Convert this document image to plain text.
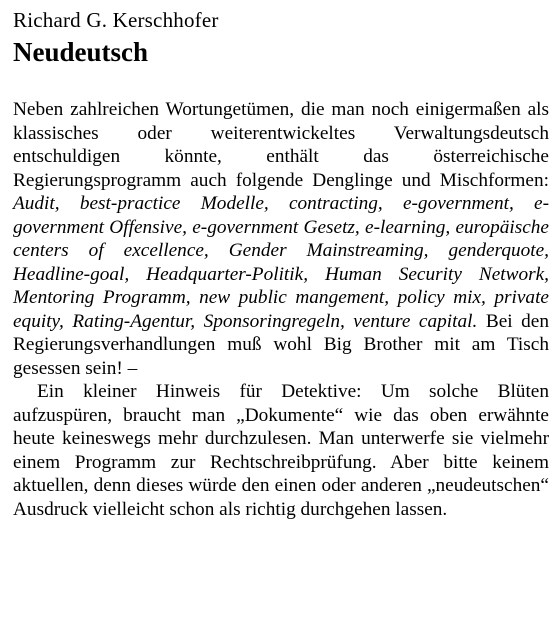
Richard G. Kerschhofer
Neudeutsch

Neben zahlreichen Wortungetümen, die man noch einigermaßen als klassisches oder weiterentwickeltes Verwaltungsdeutsch entschuldigen könnte, enthält das österreichische Regierungsprogramm auch folgende Denglinge und Mischformen: Audit, best-practice Modelle, contracting, e-government, e-government Offensive, e-government Gesetz, e-learning, europäische centers of excellence, Gender Mainstreaming, genderquote, Headline-goal, Headquarter-Politik, Human Security Network, Mentoring Programm, new public mangement, policy mix, private equity, Rating-Agentur, Sponsoringregeln, venture capital. Bei den Regierungsverhandlungen muß wohl Big Brother mit am Tisch gesessen sein! –

Ein kleiner Hinweis für Detektive: Um solche Blüten aufzuspüren, braucht man „Dokumente“ wie das oben erwähnte heute keineswegs mehr durchzulesen. Man unterwerfe sie vielmehr einem Programm zur Rechtschreibprüfung. Aber bitte keinem aktuellen, denn dieses würde den einen oder anderen „neudeutschen“ Ausdruck vielleicht schon als richtig durchgehen lassen.
